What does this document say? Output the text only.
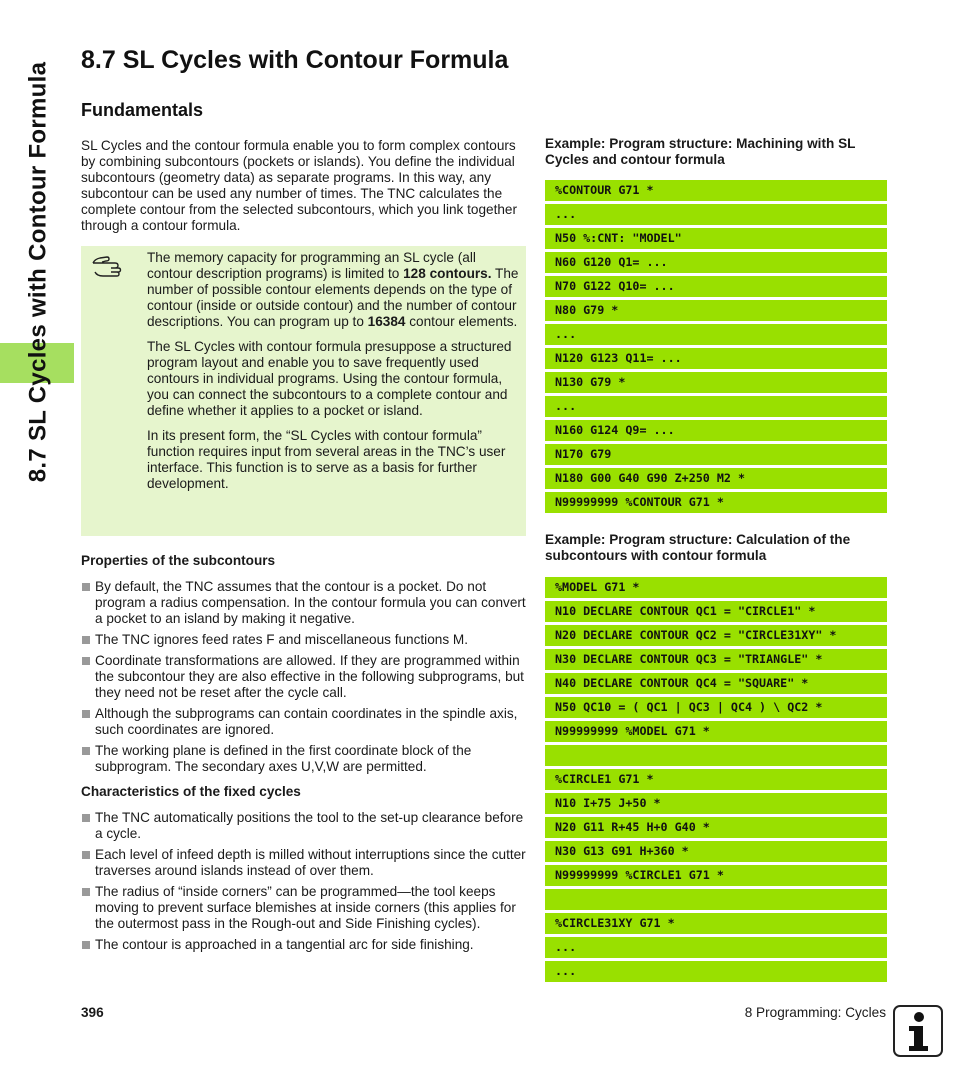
8.7 SL Cycles with Contour Formula
8.7 SL Cycles with Contour Formula
Fundamentals

SL Cycles and the contour formula enable you to form complex contours by combining subcontours (pockets or islands). You define the individual subcontours (geometry data) as separate programs. In this way, any subcontour can be used any number of times. The TNC calculates the complete contour from the selected subcontours, which you link together through a contour formula.

The memory capacity for programming an SL cycle (all contour description programs) is limited to 128 contours. The number of possible contour elements depends on the type of contour (inside or outside contour) and the number of contour descriptions. You can program up to 16384 contour elements.

The SL Cycles with contour formula presuppose a structured program layout and enable you to save frequently used contours in individual programs. Using the contour formula, you can connect the subcontours to a complete contour and define whether it applies to a pocket or island.

In its present form, the “SL Cycles with contour formula” function requires input from several areas in the TNC’s user interface. This function is to serve as a basis for further development.

Properties of the subcontours
By default, the TNC assumes that the contour is a pocket. Do not program a radius compensation. In the contour formula you can convert a pocket to an island by making it negative.
The TNC ignores feed rates F and miscellaneous functions M.
Coordinate transformations are allowed. If they are programmed within the subcontour they are also effective in the following subprograms, but they need not be reset after the cycle call.
Although the subprograms can contain coordinates in the spindle axis, such coordinates are ignored.
The working plane is defined in the first coordinate block of the subprogram. The secondary axes U,V,W are permitted.
Characteristics of the fixed cycles
The TNC automatically positions the tool to the set-up clearance before a cycle.
Each level of infeed depth is milled without interruptions since the cutter traverses around islands instead of over them.
The radius of “inside corners” can be programmed—the tool keeps moving to prevent surface blemishes at inside corners (this applies for the outermost pass in the Rough-out and Side Finishing cycles).
The contour is approached in a tangential arc for side finishing.

Example: Program structure: Machining with SL Cycles and contour formula

%CONTOUR G71 *
...
N50 %:CNT: "MODEL"
N60 G120 Q1= ...
N70 G122 Q10= ...
N80 G79 *
...
N120 G123 Q11= ...
N130 G79 *
...
N160 G124 Q9= ...
N170 G79
N180 G00 G40 G90 Z+250 M2 *
N99999999 %CONTOUR G71 *

Example: Program structure: Calculation of the subcontours with contour formula

%MODEL G71 *
N10 DECLARE CONTOUR QC1 = "CIRCLE1" *
N20 DECLARE CONTOUR QC2 = "CIRCLE31XY" *
N30 DECLARE CONTOUR QC3 = "TRIANGLE" *
N40 DECLARE CONTOUR QC4 = "SQUARE" *
N50 QC10 = ( QC1 | QC3 | QC4 ) \ QC2 *
N99999999 %MODEL G71 *
%CIRCLE1 G71 *
N10 I+75 J+50 *
N20 G11 R+45 H+0 G40 *
N30 G13 G91 H+360 *
N99999999 %CIRCLE1 G71 *
%CIRCLE31XY G71 *
...
...
396	8 Programming: Cycles
